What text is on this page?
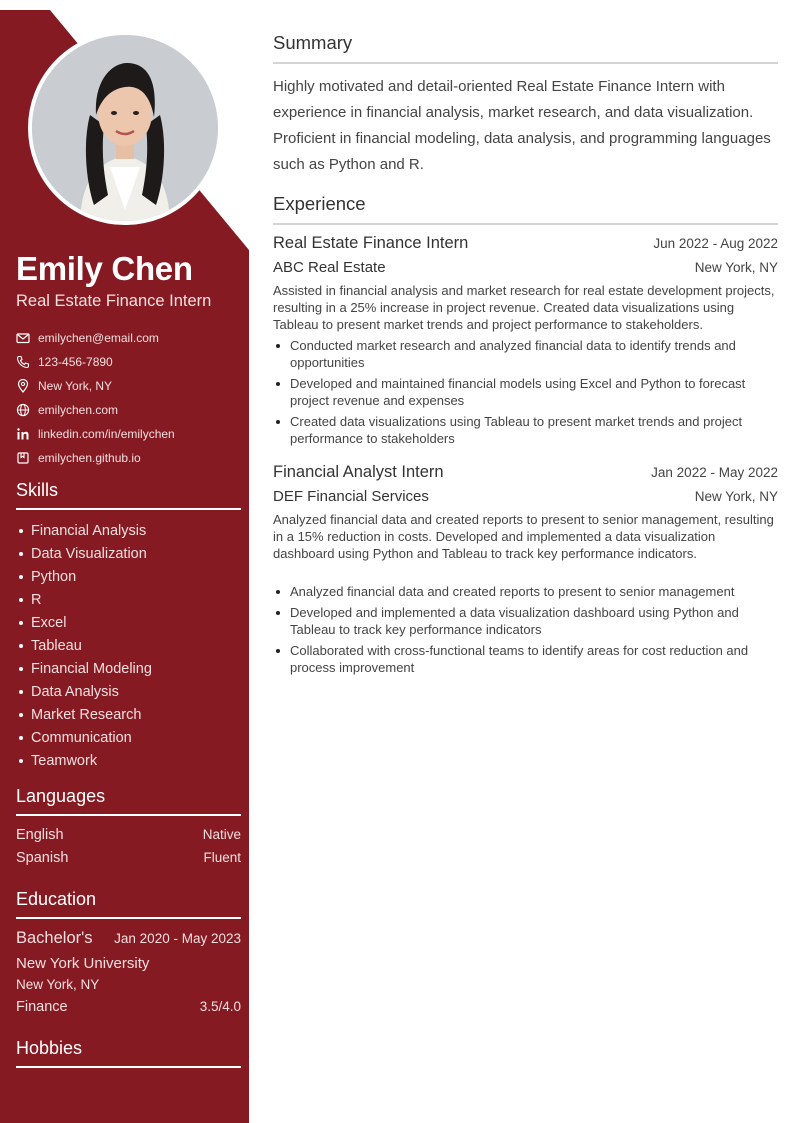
Emily Chen
Real Estate Finance Intern
emilychen@email.com
123-456-7890
New York, NY
emilychen.com
linkedin.com/in/emilychen
emilychen.github.io
Skills
Financial Analysis
Data Visualization
Python
R
Excel
Tableau
Financial Modeling
Data Analysis
Market Research
Communication
Teamwork
Languages
English	Native
Spanish	Fluent
Education
Bachelor's Jan 2020 - May 2023
New York University
New York, NY
Finance	3.5/4.0
Hobbies
Summary
Highly motivated and detail-oriented Real Estate Finance Intern with experience in financial analysis, market research, and data visualization. Proficient in financial modeling, data analysis, and programming languages such as Python and R.
Experience
Real Estate Finance Intern	Jun 2022 - Aug 2022
ABC Real Estate	New York, NY
Assisted in financial analysis and market research for real estate development projects, resulting in a 25% increase in project revenue. Created data visualizations using Tableau to present market trends and project performance to stakeholders.
Conducted market research and analyzed financial data to identify trends and opportunities
Developed and maintained financial models using Excel and Python to forecast project revenue and expenses
Created data visualizations using Tableau to present market trends and project performance to stakeholders
Financial Analyst Intern	Jan 2022 - May 2022
DEF Financial Services	New York, NY
Analyzed financial data and created reports to present to senior management, resulting in a 15% reduction in costs. Developed and implemented a data visualization dashboard using Python and Tableau to track key performance indicators.
Analyzed financial data and created reports to present to senior management
Developed and implemented a data visualization dashboard using Python and Tableau to track key performance indicators
Collaborated with cross-functional teams to identify areas for cost reduction and process improvement
